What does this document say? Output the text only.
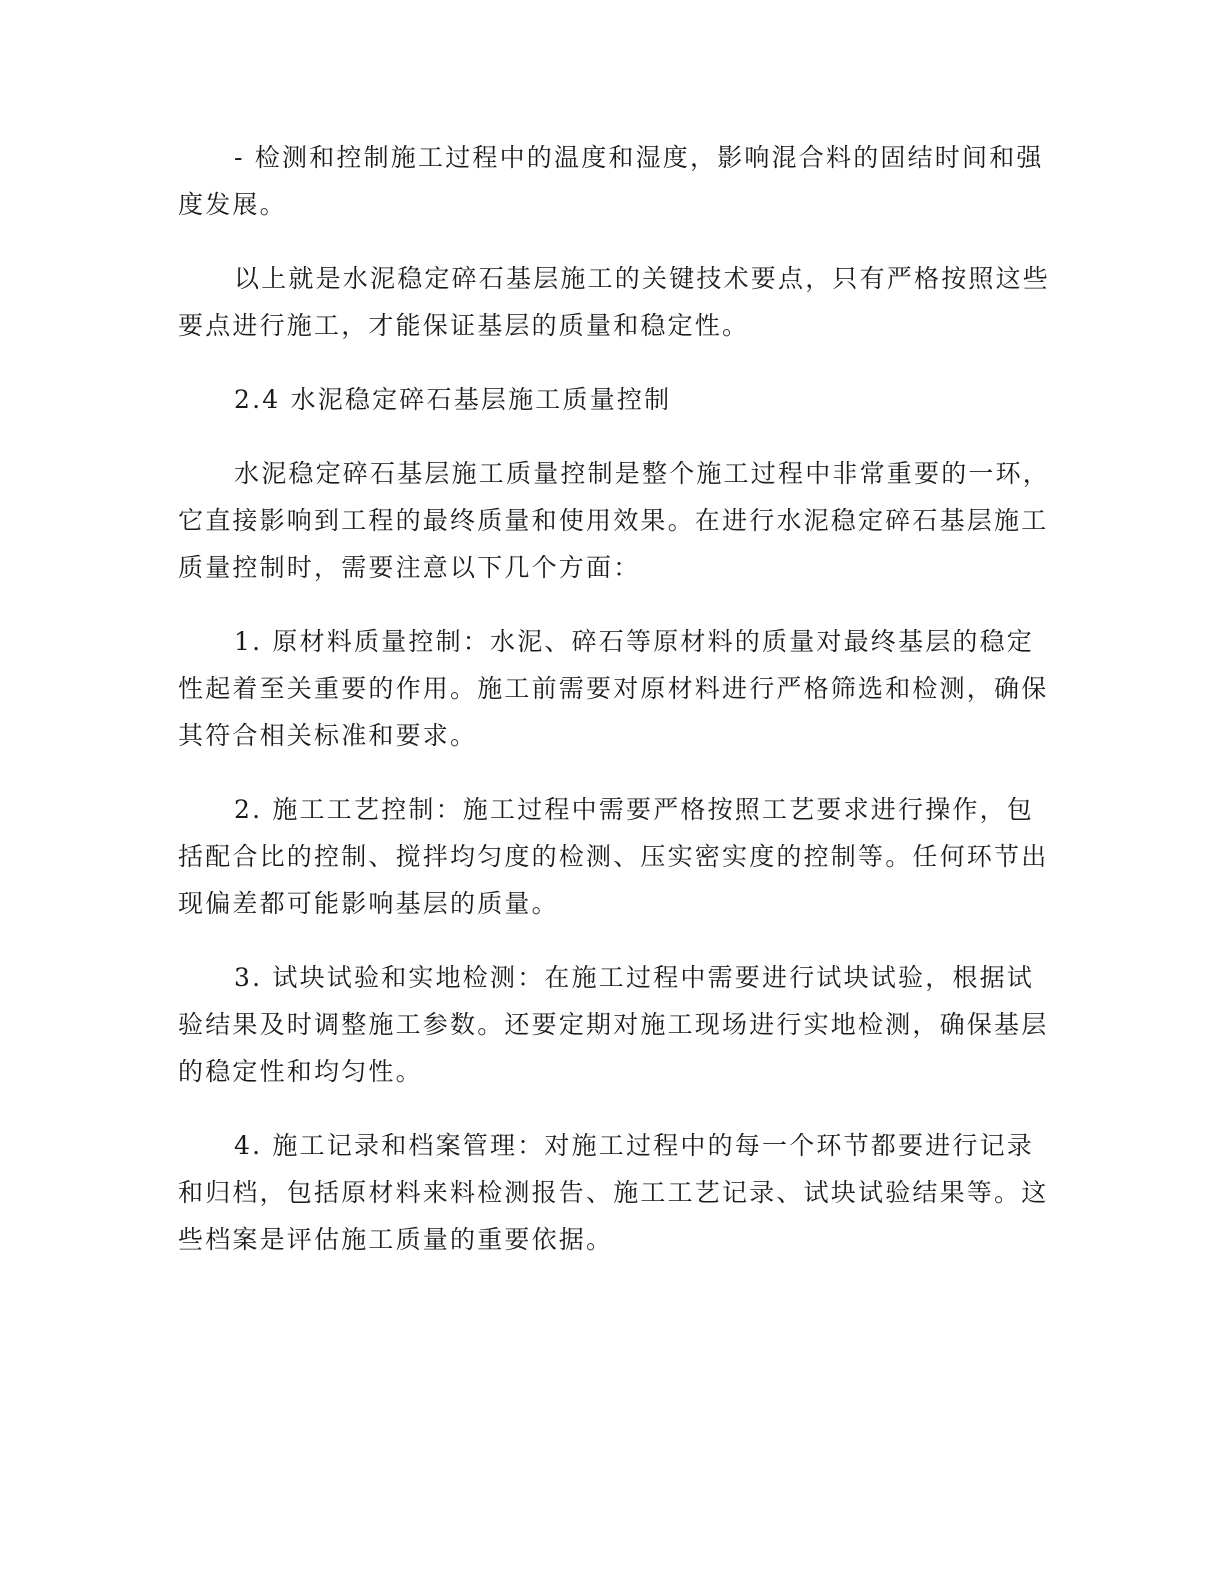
- 检测和控制施工过程中的温度和湿度，影响混合料的固结时间和强度发展。

以上就是水泥稳定碎石基层施工的关键技术要点，只有严格按照这些要点进行施工，才能保证基层的质量和稳定性。

2.4 水泥稳定碎石基层施工质量控制

水泥稳定碎石基层施工质量控制是整个施工过程中非常重要的一环，它直接影响到工程的最终质量和使用效果。在进行水泥稳定碎石基层施工质量控制时，需要注意以下几个方面：

1. 原材料质量控制：水泥、碎石等原材料的质量对最终基层的稳定性起着至关重要的作用。施工前需要对原材料进行严格筛选和检测，确保其符合相关标准和要求。

2. 施工工艺控制：施工过程中需要严格按照工艺要求进行操作，包括配合比的控制、搅拌均匀度的检测、压实密实度的控制等。任何环节出现偏差都可能影响基层的质量。

3. 试块试验和实地检测：在施工过程中需要进行试块试验，根据试验结果及时调整施工参数。还要定期对施工现场进行实地检测，确保基层的稳定性和均匀性。

4. 施工记录和档案管理：对施工过程中的每一个环节都要进行记录和归档，包括原材料来料检测报告、施工工艺记录、试块试验结果等。这些档案是评估施工质量的重要依据。
